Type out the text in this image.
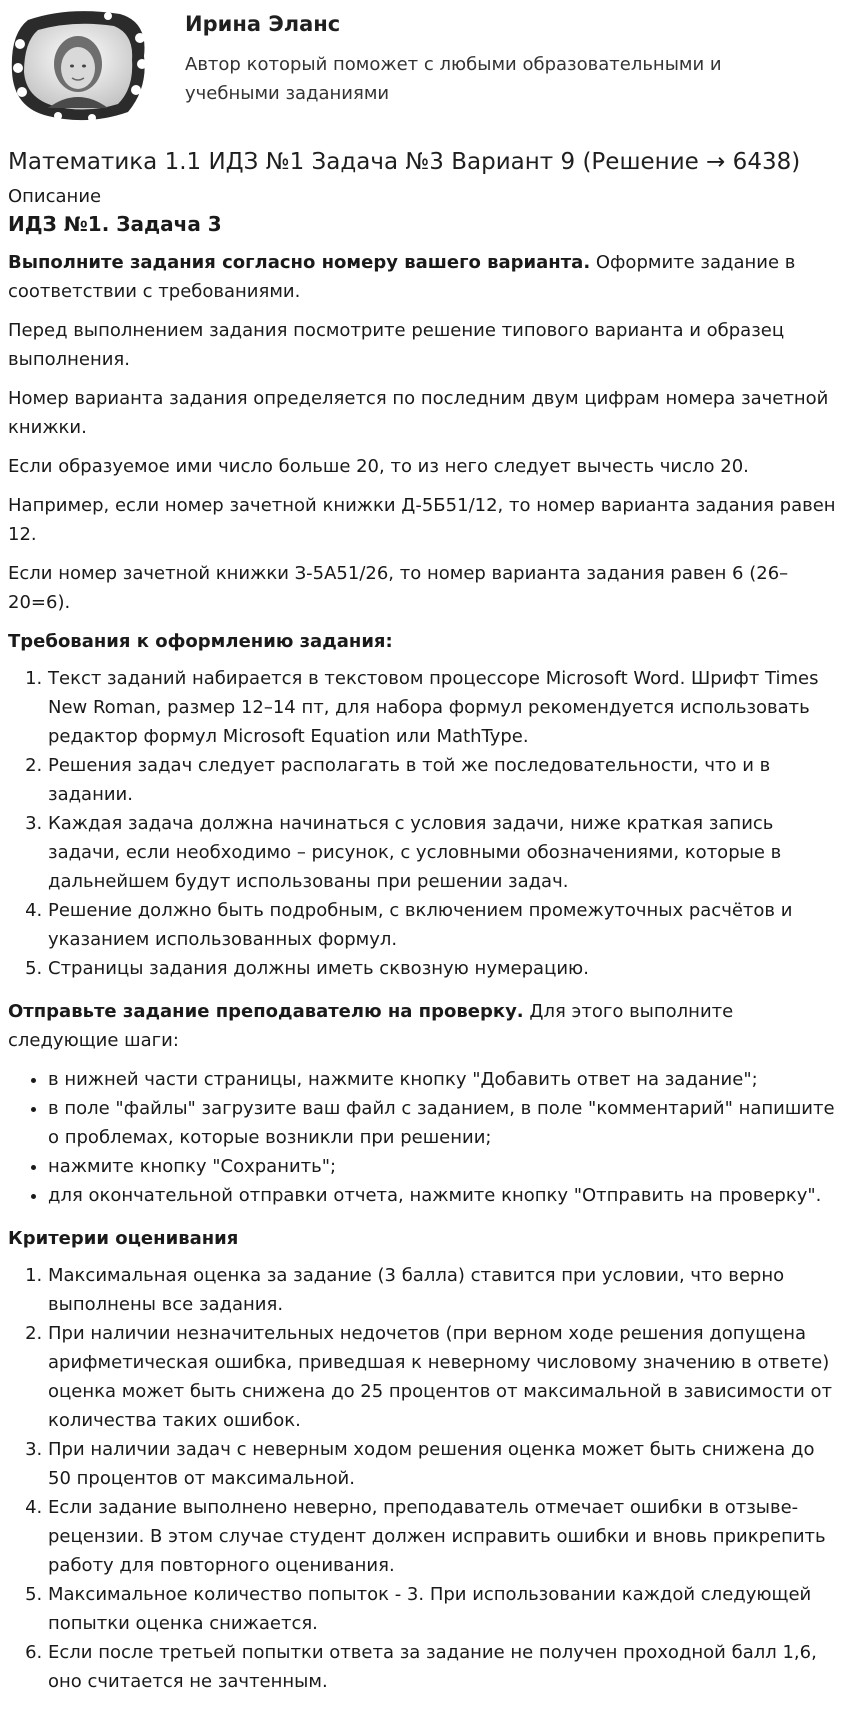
Ирина Эланс
Автор который поможет с любыми образовательными и учебными заданиями
Математика 1.1 ИДЗ №1 Задача №3 Вариант 9 (Решение → 6438)
Описание
ИДЗ №1. Задача 3

Выполните задания согласно номеру вашего варианта. Оформите задание в соответствии с требованиями.

Перед выполнением задания посмотрите решение типового варианта и образец выполнения.

Номер варианта задания определяется по последним двум цифрам номера зачетной книжки.

Если образуемое ими число больше 20, то из него следует вычесть число 20.

Например, если номер зачетной книжки Д-5Б51/12, то номер варианта задания равен 12.

Если номер зачетной книжки З-5А51/26, то номер варианта задания равен 6 (26–20=6).

Требования к оформлению задания:
1. Текст заданий набирается в текстовом процессоре Microsoft Word. Шрифт Times New Roman, размер 12–14 пт, для набора формул рекомендуется использовать редактор формул Microsoft Equation или MathType.
2. Решения задач следует располагать в той же последовательности, что и в задании.
3. Каждая задача должна начинаться с условия задачи, ниже краткая запись задачи, если необходимо – рисунок, с условными обозначениями, которые в дальнейшем будут использованы при решении задач.
4. Решение должно быть подробным, с включением промежуточных расчётов и указанием использованных формул.
5. Страницы задания должны иметь сквозную нумерацию.

Отправьте задание преподавателю на проверку. Для этого выполните следующие шаги:

• в нижней части страницы, нажмите кнопку "Добавить ответ на задание";
• в поле "файлы" загрузите ваш файл с заданием, в поле "комментарий" напишите о проблемах, которые возникли при решении;
• нажмите кнопку "Сохранить";
• для окончательной отправки отчета, нажмите кнопку "Отправить на проверку".
Критерии оценивания
1. Максимальная оценка за задание (3 балла) ставится при условии, что верно выполнены все задания.
2. При наличии незначительных недочетов (при верном ходе решения допущена арифметическая ошибка, приведшая к неверному числовому значению в ответе) оценка может быть снижена до 25 процентов от максимальной в зависимости от количества таких ошибок.
3. При наличии задач с неверным ходом решения оценка может быть снижена до 50 процентов от максимальной.
4. Если задание выполнено неверно, преподаватель отмечает ошибки в отзыве-рецензии. В этом случае студент должен исправить ошибки и вновь прикрепить работу для повторного оценивания.
5. Максимальное количество попыток - 3. При использовании каждой следующей попытки оценка снижается.
6. Если после третьей попытки ответа за задание не получен проходной балл 1,6, оно считается не зачтенным.
